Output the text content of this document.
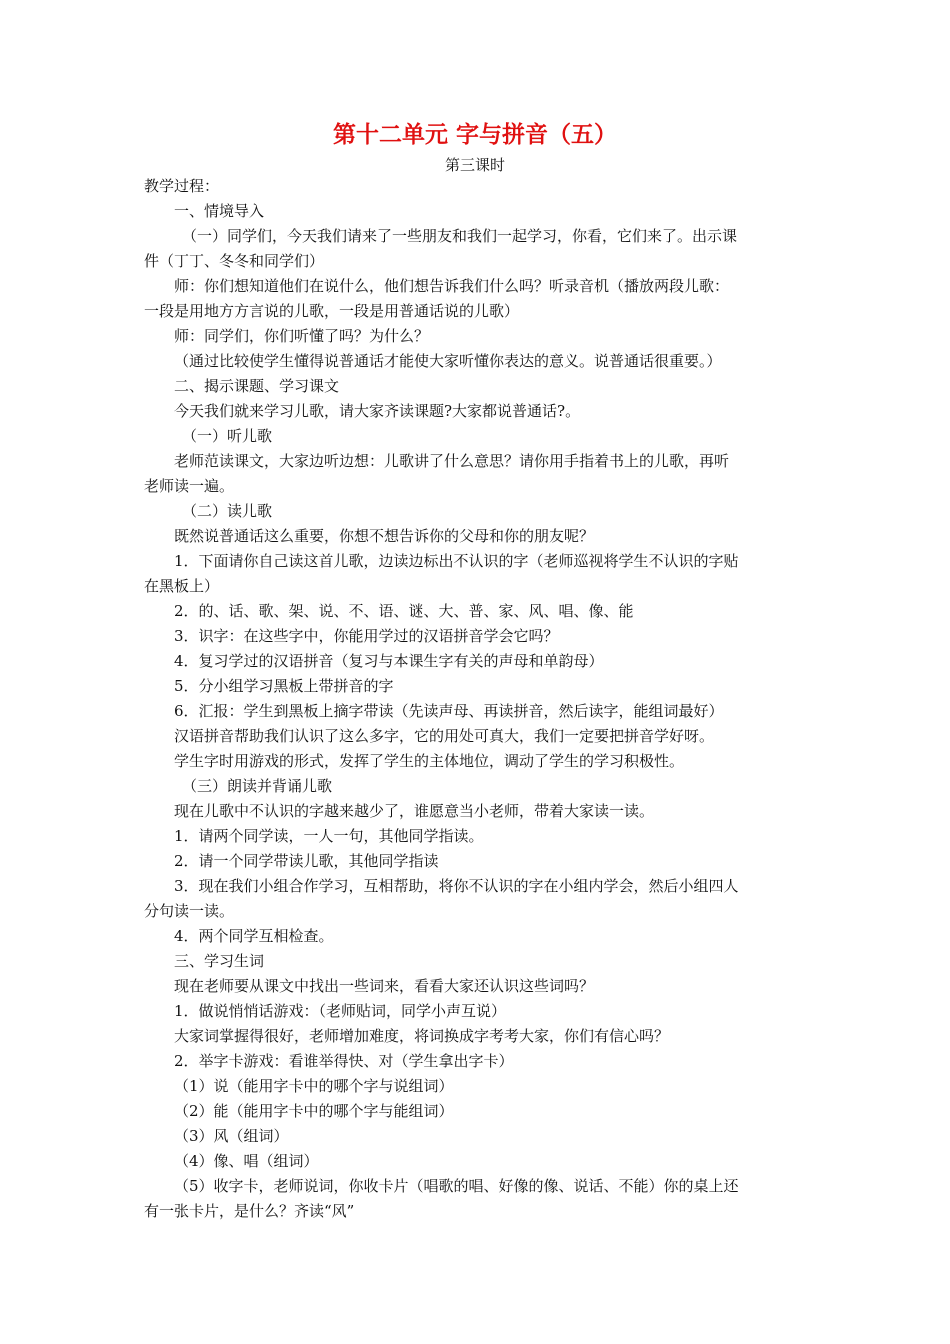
第十二单元 字与拼音（五）
第三课时
教学过程：
一、情境导入
（一）同学们，今天我们请来了一些朋友和我们一起学习，你看，它们来了。出示课
件（丁丁、冬冬和同学们）
师：你们想知道他们在说什么，他们想告诉我们什么吗？听录音机（播放两段儿歌：
一段是用地方方言说的儿歌，一段是用普通话说的儿歌）
师：同学们，你们听懂了吗？为什么？
（通过比较使学生懂得说普通话才能使大家听懂你表达的意义。说普通话很重要。）
二、揭示课题、学习课文
今天我们就来学习儿歌，请大家齐读课题?大家都说普通话?。
（一）听儿歌
老师范读课文，大家边听边想：儿歌讲了什么意思？请你用手指着书上的儿歌，再听
老师读一遍。
（二）读儿歌
既然说普通话这么重要，你想不想告诉你的父母和你的朋友呢？
1．下面请你自己读这首儿歌，边读边标出不认识的字（老师巡视将学生不认识的字贴
在黑板上）
2．的、话、歌、架、说、不、语、谜、大、普、家、风、唱、像、能
3．识字：在这些字中，你能用学过的汉语拼音学会它吗？
4．复习学过的汉语拼音（复习与本课生字有关的声母和单韵母）
5．分小组学习黑板上带拼音的字
6．汇报：学生到黑板上摘字带读（先读声母、再读拼音，然后读字，能组词最好）
汉语拼音帮助我们认识了这么多字，它的用处可真大，我们一定要把拼音学好呀。
学生字时用游戏的形式，发挥了学生的主体地位，调动了学生的学习积极性。
（三）朗读并背诵儿歌
现在儿歌中不认识的字越来越少了，谁愿意当小老师，带着大家读一读。
1．请两个同学读，一人一句，其他同学指读。
2．请一个同学带读儿歌，其他同学指读
3．现在我们小组合作学习，互相帮助，将你不认识的字在小组内学会，然后小组四人
分句读一读。
4．两个同学互相检查。
三、学习生词
现在老师要从课文中找出一些词来，看看大家还认识这些词吗？
1．做说悄悄话游戏：（老师贴词，同学小声互说）
大家词掌握得很好，老师增加难度，将词换成字考考大家，你们有信心吗？
2．举字卡游戏：看谁举得快、对（学生拿出字卡）
（1）说（能用字卡中的哪个字与说组词）
（2）能（能用字卡中的哪个字与能组词）
（3）风（组词）
（4）像、唱（组词）
（5）收字卡，老师说词，你收卡片（唱歌的唱、好像的像、说话、不能）你的桌上还
有一张卡片，是什么？齐读“风”
